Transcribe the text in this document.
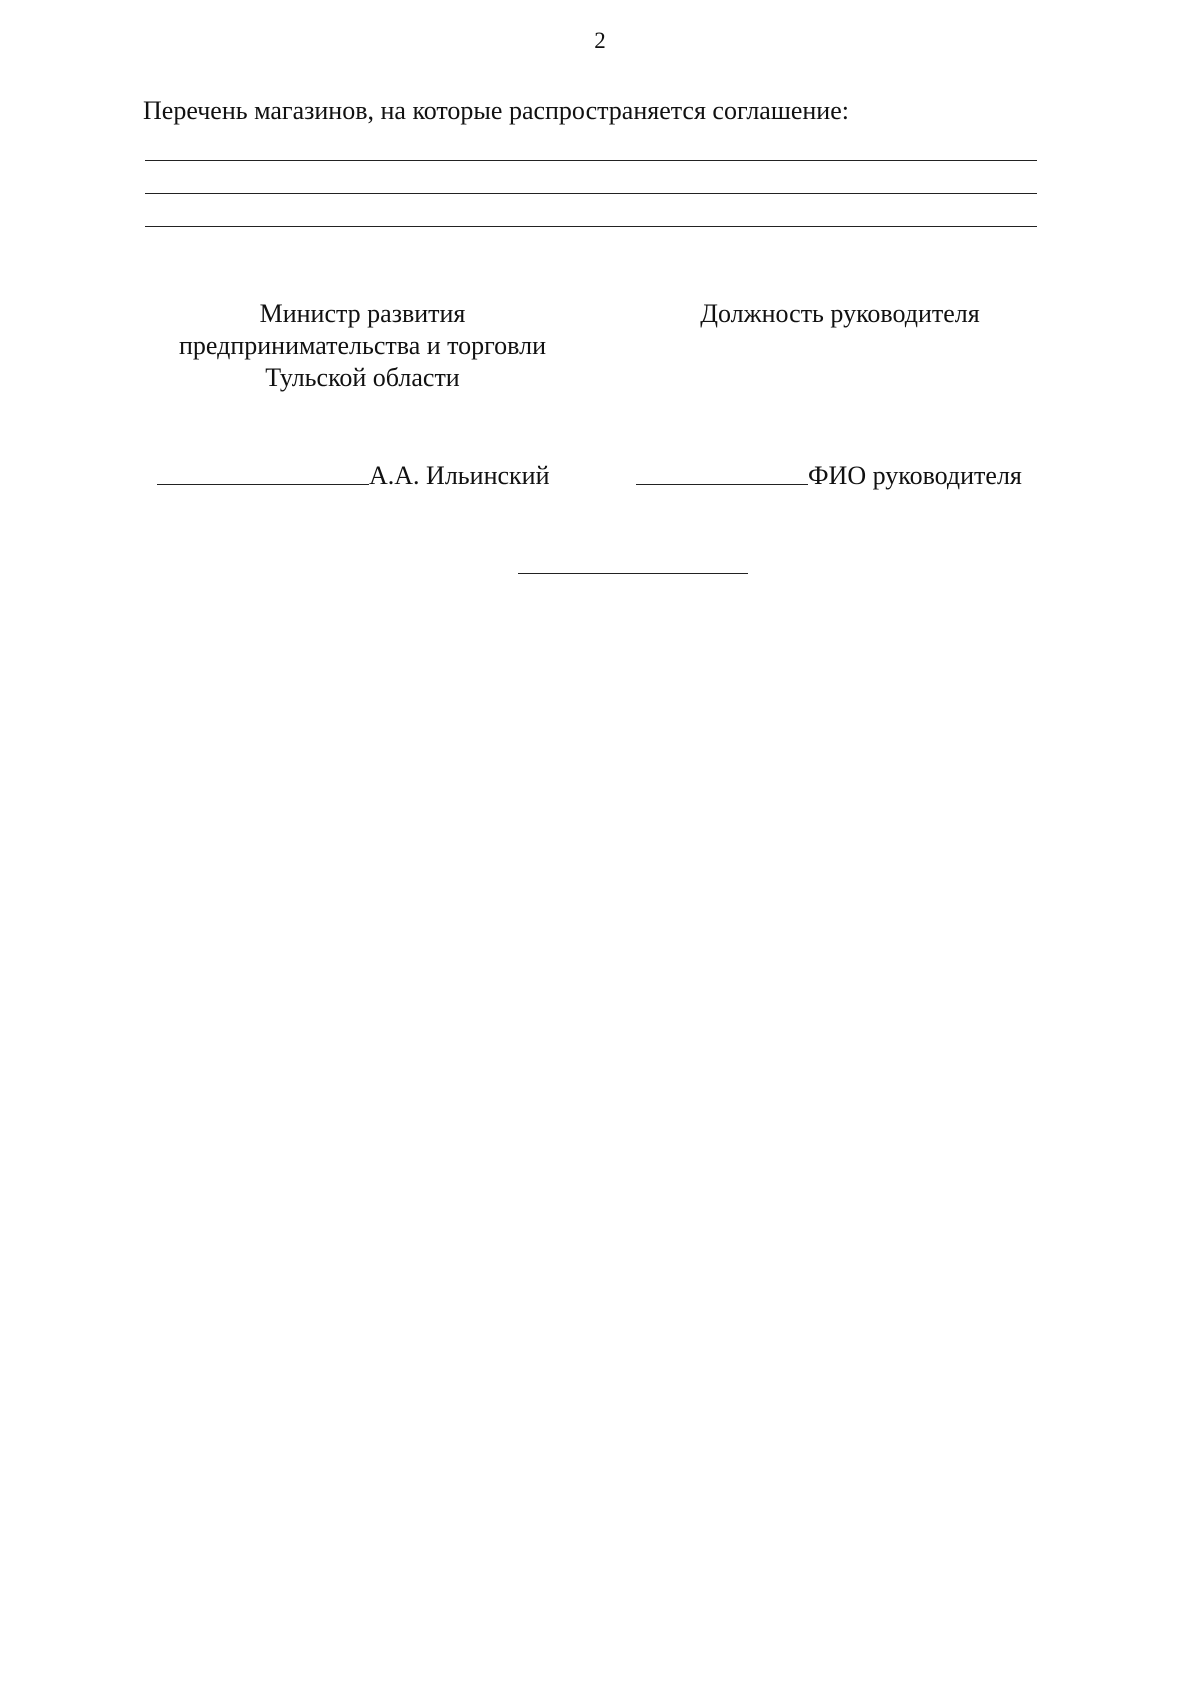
2
Перечень магазинов, на которые распространяется соглашение:
Министр развития
предпринимательства и торговли
Тульской области
Должность руководителя
А.А. Ильинский	ФИО руководителя
